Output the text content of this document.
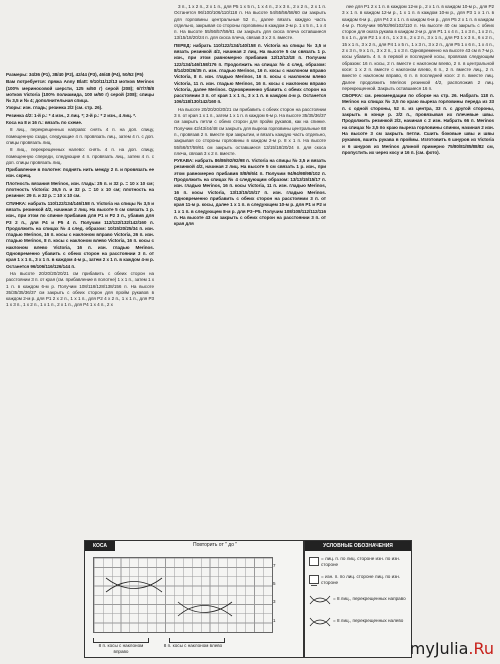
Размеры: 34/36 (P1), 38/40 (P2), 42/44 (P3), 46/48 (P4), 50/52 (P5)

Вам потребуется: пряжа Anny Blatt: 9/10/11/12/13 мотков Merinos (100% мериносовой шерсти, 125 м/50 г) серой (208); 6/7/7/8/8 мотков Victoria (100% полиамида, 100 м/50 г) серой (208); спицы № 3,5 и № 4; дополнительная спица.

Узоры: изн. гладь; резинка 2/2 (см. стр. 26).

Резинка 4/2: 1-й р.: * 4 изн., 2 лиц. *; 2-й р.: * 2 изн., 4 лиц. *.

Коса на 8 и 16 п.: вязать по схеме.

8 лиц., перекрещенных направо: снять 4 п. на доп. спицу, помещенную сзади, следующие 4 п. провязать лиц., затем 4 п. с доп. спицы провязать лиц.

8 лиц., перекрещенных налево: снять 4 п. на доп. спицу, помещенную спереди, следующие 4 п. провязать лиц., затем 4 п. с доп. спицы провязать лиц.

Прибавление в полотне: поднять нить между 2 п. и провязать ее изн. скрещ.

Плотность вязания Merinos, изн. гладь: 25 п. и 32 р. = 10 х 10 см; плотность Victoria: 26,5 п. и 32 р. = 10 х 10 см; плотность на резинке: 29 п. и 32 р. = 10 х 10 см.

СПИНКА: набрать 110/122/134/146/158 п. Victoria на спицы № 3,5 и вязать резинкой 4/2, начиная 2 лиц. На высоте 5 см связать 1 р. изн., при этом по спинке прибавив для P1 и P2 3 п., убавив для P3 2 п., для P4 и P5 4 п. Получим 112/122/132/142/160 п. Продолжить на спицах № 4 след. образом: 10/15/20/25/34 п. изн. гладью Merinos, 16 п. косы с наклоном вправо Victoria, 26 п. изн. гладью Merinos, 8 п. косы с наклоном влево Victoria, 16 п. косы с наклоном влево Victoria, 16 п. изн. гладью Merinos. Одновременно убавить с обеих сторон на расстоянии 3 п. от края 1 х 1 п., 3 х 1 п. в каждом 4-м р., затем 2 х 1 п. в каждом 4-м р. Останется 96/106/116/126/144 п.

На высоте 20/20/20/20/21 см прибавить с обеих сторон на расстоянии 3 п. от края (см. прибавление в полотне) 1 х 1 п., затем 1 х 1 п. в каждом 6-м р. Получим 108/118/128/138/156 п. На высоте 35/35/35/36/37 см закрыть с обеих сторон для пройм рукавов в каждом 2-м р. для P1 2 х 2 п., 1 х 1 п., для P2 4 х 2 п., 1 х 1 п., для P3 1 х 3 п., 1 х 2 п., 1 х 1 п., 2 х 1 п., для P4 1 х 4 п., 2 х

3 п., 1 х 2 п., 2 х 1 п., для P5 1 х 5 п., 1 х 4 п., 2 х 3 п., 2 х 2 п., 2 х 1 п. Останется 96/100/106/110/118 п. На высоте 54/55/56/58/60 см закрыть для горловины центральные 52 п., далее вязать каждую часть отдельно, закрывая со стороны горловины в каждом 2-м р. 1 х 5 п., 1 х 4 п. На высоте 55/56/57/59/61 см закрыть для скоса плеча оставшиеся 13/15/18/20/24 п. для скоса плеча, связав 3 х 2 п. вместе.

ПЕРЕД: набрать 110/122/134/140/158 п. Victoria на спицы № 3,5 и вязать резинкой 4/2, начиная 2 лиц. На высоте 5 см связать 1 р. изн., при этом равномерно прибавив 12/12/12/18 п. Получим 122/134/146/158/176 п. Продолжить на спицах № 4 след. образом: 8/14/20/26/35 п. изн. гладью Merinos, 16 п. косы с наклоном вправо Victoria, 8 п. изн. гладью Merinos, 16 п. косы с наклоном влево Victoria, 11 п. изн. гладью Merinos, 16 п. косы с наклоном вправо Victoria, далее Merinos. Одновременно убавить с обеих сторон на расстоянии 3 п. от края 1 х 1 п., 3 х 1 п. в каждом 4-м р. Останется 106/118/130/142/160 п.

На высоте 20/20/20/20/21 см прибавить с обеих сторон на расстоянии 3 п. от края 1 х 1 п., затем 1 х 1 п. в каждом 6-м р. На высоте 35/35/36/37 см закрыть петли с обеих сторон для пройм рукавов, как на спинке. Получим 42/43/44/48 см закрыть для выреза горловины центральные 68 п., провязав 2 п. вместе при закрытии, и вязать каждую часть отдельно, закрывая со стороны горловины в каждом 2-м р. 8 х 1 п. На высоте 55/56/57/59/61 см закрыть оставшиеся 13/15/18/20/24 п. для скоса плеча, связав 3 х 2 п. вместе.

РУКАВА: набрать 86/86/92/92/98 п. Victoria на спицы № 3,5 и вязать резинкой 4/2, начиная 2 лиц. На высоте 5 см связать 1 р. изн., при этом равномерно прибавив 8/8/6/6/4 п. Получим 94/94/98/98/102 п. Продолжить на спицах № 4 следующим образом: 13/13/15/15/17 п. изн. гладью Merinos, 16 п. косы Victoria, 11 п. изн. гладью Merinos, 16 п. косы Victoria, 13/13/15/15/17 п. изн. гладью Merinos. Одновременно прибавить с обеих сторон на расстоянии 3 п. от края 11-м р. косы, далее 1 х 1 п. в следующем 10-м р. для P1 и P2 и 1 х 1 п. в следующем 8-м р. для P3–P5. Получим 108/108/112/112/116 п. На высоте 43 см закрыть с обеих сторон на расстоянии 3 п. от края для

лее для P1 2 х 1 п. в каждом 12-м р., 2 х 1 п. в каждом 10-м р., для P2 3 х 1 п. в каждом 12-м р., 1 х 1 п. в каждом 10-м р., для P3 1 х 1 п. в каждом 6-м р., для P4 2 х 1 п. в каждом 6-м р., для P5 2 х 1 п. в каждом 4-м р. Получим 90/92/96/102/110 п. На высоте 40 см закрыть с обеих сторон для оката рукава в каждом 2-м р. для P1 1 х 4 п., 1 х 3 п., 1 х 2 п., 5 х 1 п., для P2 1 х 4 п., 1 х 3 п., 2 х 2 п., 3 х 1 п., для P3 1 х 3 п., 6 х 2 п., 15 х 1 п., 3 х 2 п., для P4 1 х 5 п., 1 х 3 п., 3 х 2 п., для P5 1 х 6 п., 1 х 4 п., 2 х 3 п., 9 х 1 п., 3 х 2 п., 1 х 3 п. Одновременно на высоте 43 см в 7-м р. косы убавить 4 п. в первой и последней косы, провязав следующим образом: 16 п. косы, 2 п. вместе с наклоном влево, 2 п. в центральной косе: 1 х 2 п. вместе с наклоном влево, 6 п., 2 п. вместе лиц., 2 п. вместе с наклоном вправо, 6 п. в последней косе: 2 п. вместе лиц. Далее продолжить Merinos резинкой 4/2, расположив 2 лиц. перекрещенной. Закрыть оставшиеся 16 п.

СБОРКА: см. рекомендации по сборке на стр. 26. Набрать 118 п. Merinos на спицах № 3,5 по краю выреза горловины переда из 33 п. с одной стороны, 52 п. из центра, 33 п. с другой стороны, закрыть в конце р. 2/2 п., провязывая их плечевые швы. Продолжить резинкой 2/2, начиная с 2 изн. Набрать 66 п. Merinos на спицах № 3,5 по краю выреза горловины спинки, начиная 2 изн. На высоте 3 см закрыть петли. Сшить боковые швы и швы рукавов, вшить рукава в проймы. Изготовить 6 шнуров из Victoria и 6 шнуров из Merinos длиной примерно 75/80/81/85/88/82 см, пропустить их через косу и 16 п. (см. фото).

КОСА	Повторить от " до "
7
5
3
1
8 п. косы с наклоном вправо
8 п. косы с наклоном влево
УСЛОВНЫЕ ОБОЗНАЧЕНИЯ
= лиц. п. по лиц. стороне изн. по изн. стороне
= изн. п. по лиц. стороне лиц. по изн. стороне
= 8 лиц., перекрещенных направо
= 8 лиц., перекрещенных налево
myJulia.Ru
